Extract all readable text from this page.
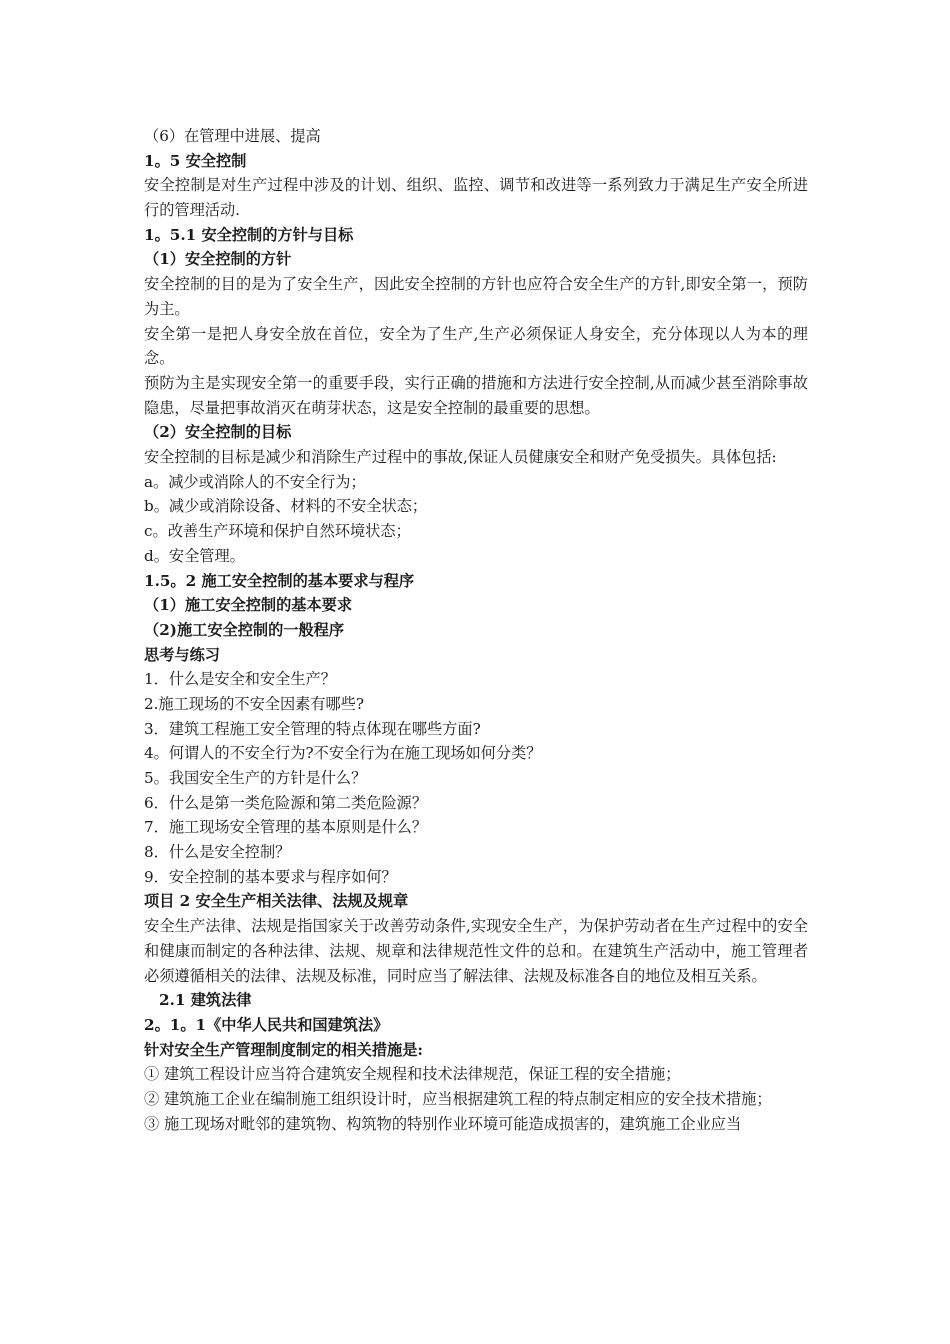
（6）在管理中进展、提高
1。5 安全控制
安全控制是对生产过程中涉及的计划、组织、监控、调节和改进等一系列致力于满足生产安全所进行的管理活动.
1。5.1 安全控制的方针与目标
（1）安全控制的方针
安全控制的目的是为了安全生产，因此安全控制的方针也应符合安全生产的方针,即安全第一，预防为主。
安全第一是把人身安全放在首位，安全为了生产,生产必须保证人身安全，充分体现以人为本的理念。
预防为主是实现安全第一的重要手段，实行正确的措施和方法进行安全控制,从而减少甚至消除事故隐患，尽量把事故消灭在萌芽状态，这是安全控制的最重要的思想。
（2）安全控制的目标
安全控制的目标是减少和消除生产过程中的事故,保证人员健康安全和财产免受损失。具体包括:
a。减少或消除人的不安全行为；
b。减少或消除设备、材料的不安全状态；
c。改善生产环境和保护自然环境状态；
d。安全管理。
1.5。2 施工安全控制的基本要求与程序
（1）施工安全控制的基本要求
（2)施工安全控制的一般程序
思考与练习
1．什么是安全和安全生产？
2.施工现场的不安全因素有哪些?
3．建筑工程施工安全管理的特点体现在哪些方面?
4。何谓人的不安全行为?不安全行为在施工现场如何分类？
5。我国安全生产的方针是什么？
6．什么是第一类危险源和第二类危险源？
7．施工现场安全管理的基本原则是什么？
8．什么是安全控制？
9．安全控制的基本要求与程序如何？
项目 2 安全生产相关法律、法规及规章
安全生产法律、法规是指国家关于改善劳动条件,实现安全生产，为保护劳动者在生产过程中的安全和健康而制定的各种法律、法规、规章和法律规范性文件的总和。在建筑生产活动中，施工管理者必须遵循相关的法律、法规及标准，同时应当了解法律、法规及标准各自的地位及相互关系。
2.1 建筑法律
2。1。1《中华人民共和国建筑法》
针对安全生产管理制度制定的相关措施是:
① 建筑工程设计应当符合建筑安全规程和技术法律规范，保证工程的安全措施；
② 建筑施工企业在编制施工组织设计时，应当根据建筑工程的特点制定相应的安全技术措施；
③ 施工现场对毗邻的建筑物、构筑物的特别作业环境可能造成损害的，建筑施工企业应当
